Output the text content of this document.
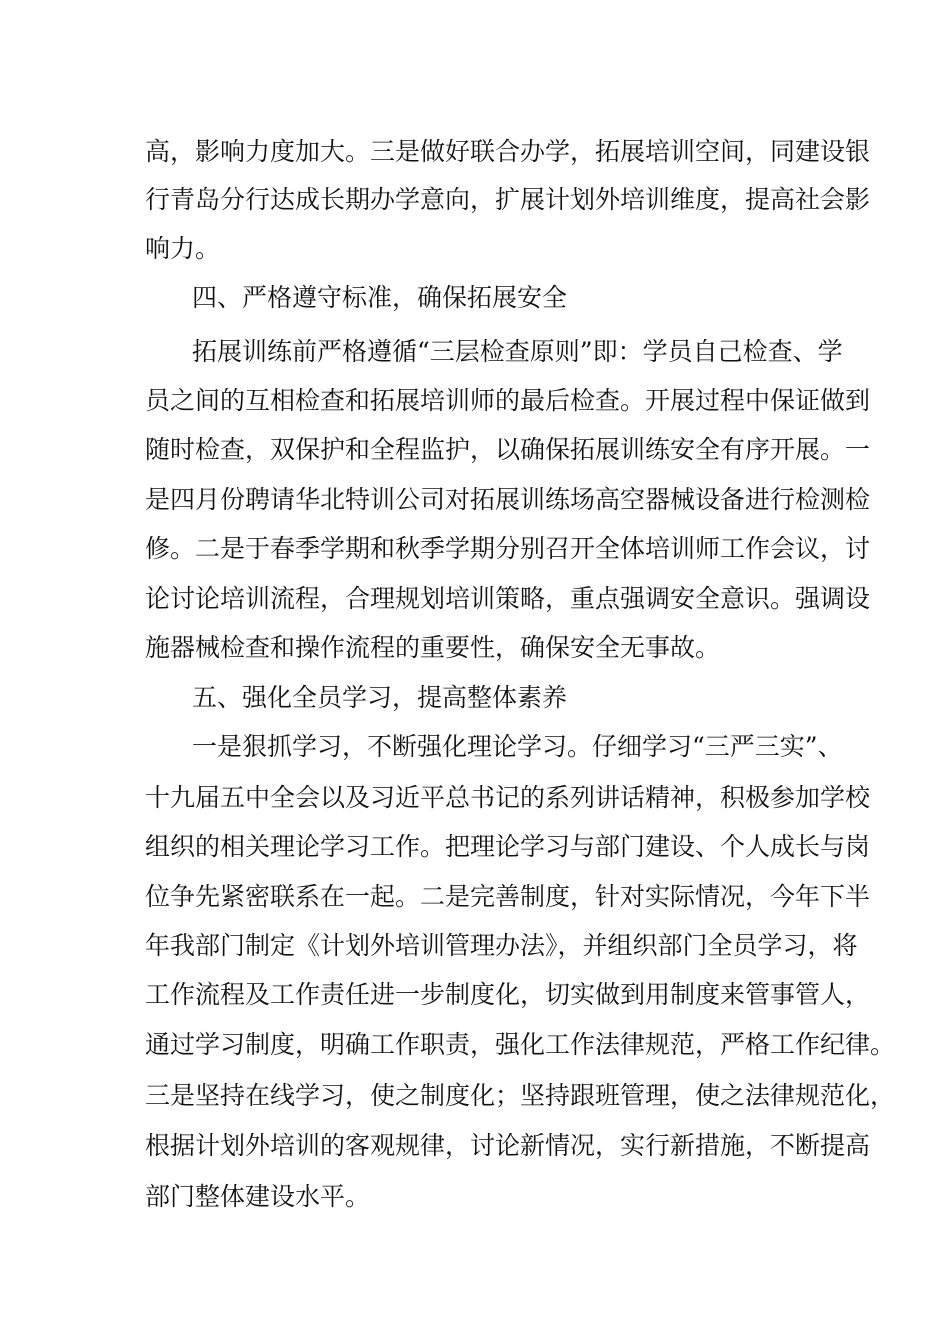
高，影响力度加大。三是做好联合办学，拓展培训空间，同建设银
行青岛分行达成长期办学意向，扩展计划外培训维度，提高社会影
响力。
四、严格遵守标准，确保拓展安全
拓展训练前严格遵循“三层检查原则”即：学员自己检查、学
员之间的互相检查和拓展培训师的最后检查。开展过程中保证做到
随时检查，双保护和全程监护，以确保拓展训练安全有序开展。一
是四月份聘请华北特训公司对拓展训练场高空器械设备进行检测检
修。二是于春季学期和秋季学期分别召开全体培训师工作会议，讨
论讨论培训流程，合理规划培训策略，重点强调安全意识。强调设
施器械检查和操作流程的重要性，确保安全无事故。
五、强化全员学习，提高整体素养
一是狠抓学习，不断强化理论学习。仔细学习“三严三实”、
十九届五中全会以及习近平总书记的系列讲话精神，积极参加学校
组织的相关理论学习工作。把理论学习与部门建设、个人成长与岗
位争先紧密联系在一起。二是完善制度，针对实际情况，今年下半
年我部门制定《计划外培训管理办法》，并组织部门全员学习，将
工作流程及工作责任进一步制度化，切实做到用制度来管事管人，
通过学习制度，明确工作职责，强化工作法律规范，严格工作纪律。
三是坚持在线学习，使之制度化；坚持跟班管理，使之法律规范化，
根据计划外培训的客观规律，讨论新情况，实行新措施，不断提高
部门整体建设水平。
